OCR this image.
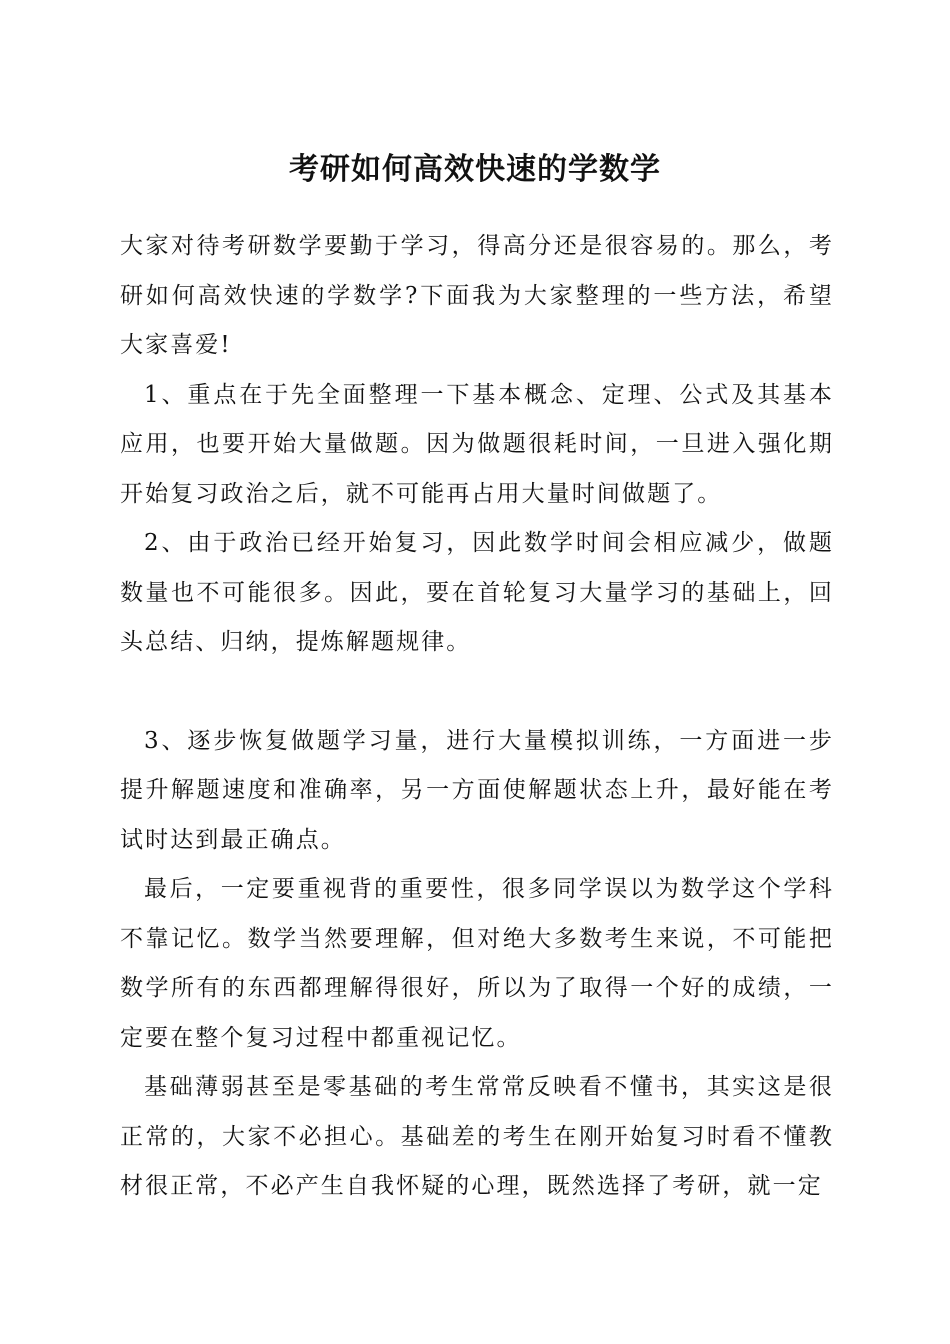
考研如何高效快速的学数学

大家对待考研数学要勤于学习，得高分还是很容易的。那么，考研如何高效快速的学数学?下面我为大家整理的一些方法，希望大家喜爱!

1、重点在于先全面整理一下基本概念、定理、公式及其基本应用，也要开始大量做题。因为做题很耗时间，一旦进入强化期开始复习政治之后，就不可能再占用大量时间做题了。

2、由于政治已经开始复习，因此数学时间会相应减少，做题数量也不可能很多。因此，要在首轮复习大量学习的基础上，回头总结、归纳，提炼解题规律。

3、逐步恢复做题学习量，进行大量模拟训练，一方面进一步提升解题速度和准确率，另一方面使解题状态上升，最好能在考试时达到最正确点。

最后，一定要重视背的重要性，很多同学误以为数学这个学科不靠记忆。数学当然要理解，但对绝大多数考生来说，不可能把数学所有的东西都理解得很好，所以为了取得一个好的成绩，一定要在整个复习过程中都重视记忆。

基础薄弱甚至是零基础的考生常常反映看不懂书，其实这是很正常的，大家不必担心。基础差的考生在刚开始复习时看不懂教材很正常，不必产生自我怀疑的心理，既然选择了考研，就一定
